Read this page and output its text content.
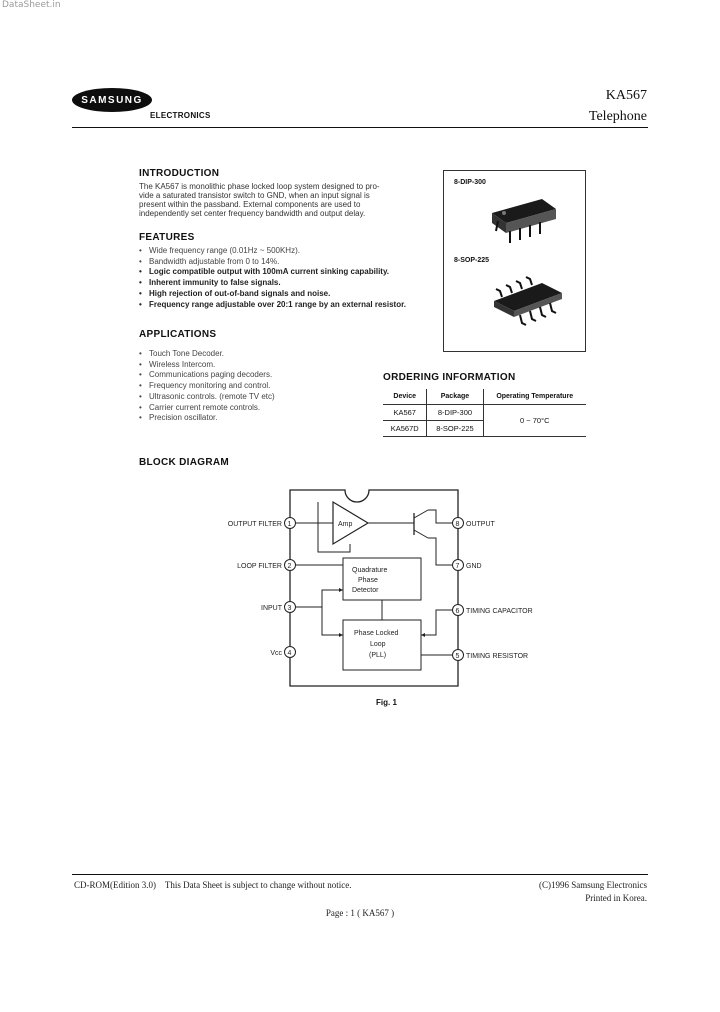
DataSheet.in
SAMSUNG
ELECTRONICS
KA567
Telephone
INTRODUCTION
The KA567 is monolithic phase locked loop system designed to pro-
vide a saturated transistor switch to GND, when an input signal is
present within the passband. External components are used to
independently set center frequency bandwidth and output delay.
FEATURES
• Wide frequency range (0.01Hz ~ 500KHz).
• Bandwidth adjustable from 0 to 14%.
• Logic compatible output with 100mA current sinking capability.
• Inherent immunity to false signals.
• High rejection of out-of-band signals and noise.
• Frequency range adjustable over 20:1 range by an external resistor.
APPLICATIONS
• Touch Tone Decoder.
• Wireless Intercom.
• Communications paging decoders.
• Frequency monitoring and control.
• Ultrasonic controls. (remote TV etc)
• Carrier current remote controls.
• Precision oscillator.
8-DIP-300
8-SOP-225
ORDERING INFORMATION
Device	Package	Operating Temperature
KA567	8-DIP-300	0 ~ 70°C
KA567D	8-SOP-225	
BLOCK DIAGRAM
Amp
Quadrature
Phase
Detector
Phase Locked
Loop
(PLL)
1
2
3
4
OUTPUT FILTER
LOOP FILTER
INPUT
Vcc
8
7
6
5
OUTPUT
GND
TIMING CAPACITOR
TIMING RESISTOR
Fig. 1
CD-ROM(Edition 3.0)    This Data Sheet is subject to change without notice.	(C)1996 Samsung Electronics
Printed in Korea.
Page : 1 ( KA567 )
